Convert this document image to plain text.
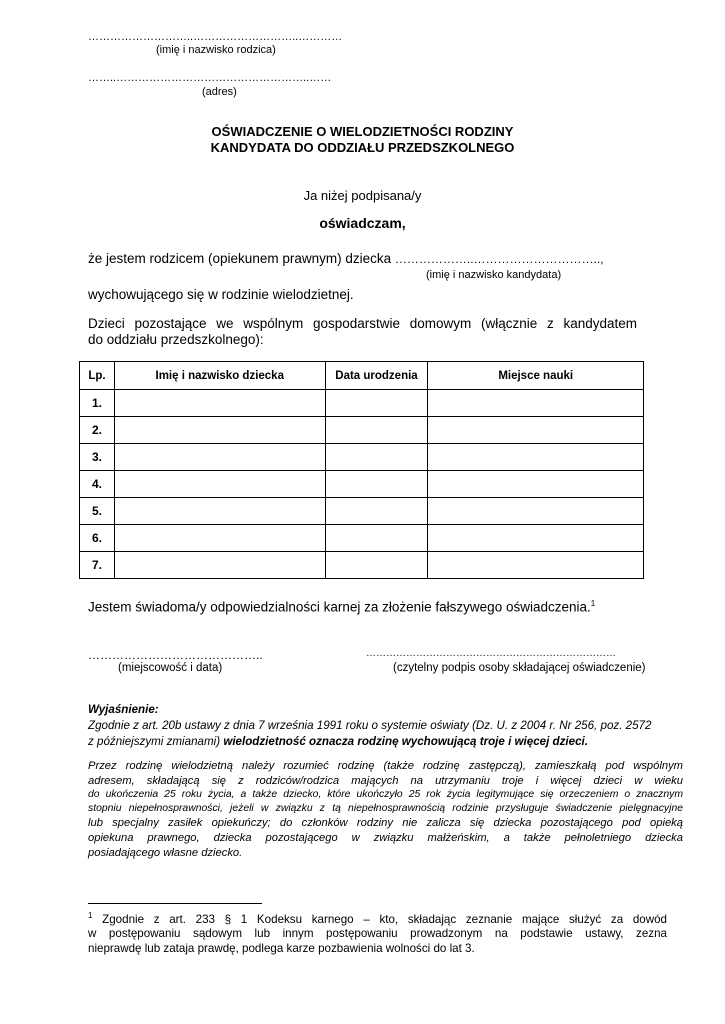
………………………..………………………..…………
(imię i nazwisko rodzica)
……..……………………………………………..……
(adres)
OŚWIADCZENIE O WIELODZIETNOŚCI RODZINY
KANDYDATA DO ODDZIAŁU PRZEDSZKOLNEGO
Ja niżej podpisana/y
oświadczam,
że jestem rodzicem (opiekunem prawnym) dziecka ………………..…………………………..,
(imię i nazwisko kandydata)
wychowującego się w rodzinie wielodzietnej.
Dzieci pozostające we wspólnym gospodarstwie domowym (włącznie z kandydatem
do oddziału przedszkolnego):
Lp.	Imię i nazwisko dziecka	Data urodzenia	Miejsce nauki
1.			
2.			
3.			
4.			
5.			
6.			
7.			
Jestem świadoma/y odpowiedzialności karnej za złożenie fałszywego oświadczenia.$^1$
……………………………………..
(miejscowość i data)
…………………………………………………………………
(czytelny podpis osoby składającej oświadczenie)
Wyjaśnienie:
Zgodnie z art. 20b ustawy z dnia 7 września 1991 roku o systemie oświaty (Dz. U. z 2004 r. Nr 256, poz. 2572
z późniejszymi zmianami) wielodzietność oznacza rodzinę wychowującą troje i więcej dzieci.
Przez rodzinę wielodzietną należy rozumieć rodzinę (także rodzinę zastępczą), zamieszkałą pod wspólnym
adresem, składającą się z rodziców/rodzica mających na utrzymaniu troje i więcej dzieci w wieku
do ukończenia 25 roku życia, a także dziecko, które ukończyło 25 rok życia legitymujące się orzeczeniem o znacznym
stopniu niepełnosprawności, jeżeli w związku z tą niepełnosprawnością rodzinie przysługuje świadczenie pielęgnacyjne
lub specjalny zasiłek opiekuńczy; do członków rodziny nie zalicza się dziecka pozostającego pod opieką
opiekuna prawnego, dziecka pozostającego w związku małżeńskim, a także pełnoletniego dziecka
posiadającego własne dziecko.
$^1$ Zgodnie z art. 233 § 1 Kodeksu karnego – kto, składając zeznanie mające służyć za dowód
w postępowaniu sądowym lub innym postępowaniu prowadzonym na podstawie ustawy, zezna
nieprawdę lub zataja prawdę, podlega karze pozbawienia wolności do lat 3.
